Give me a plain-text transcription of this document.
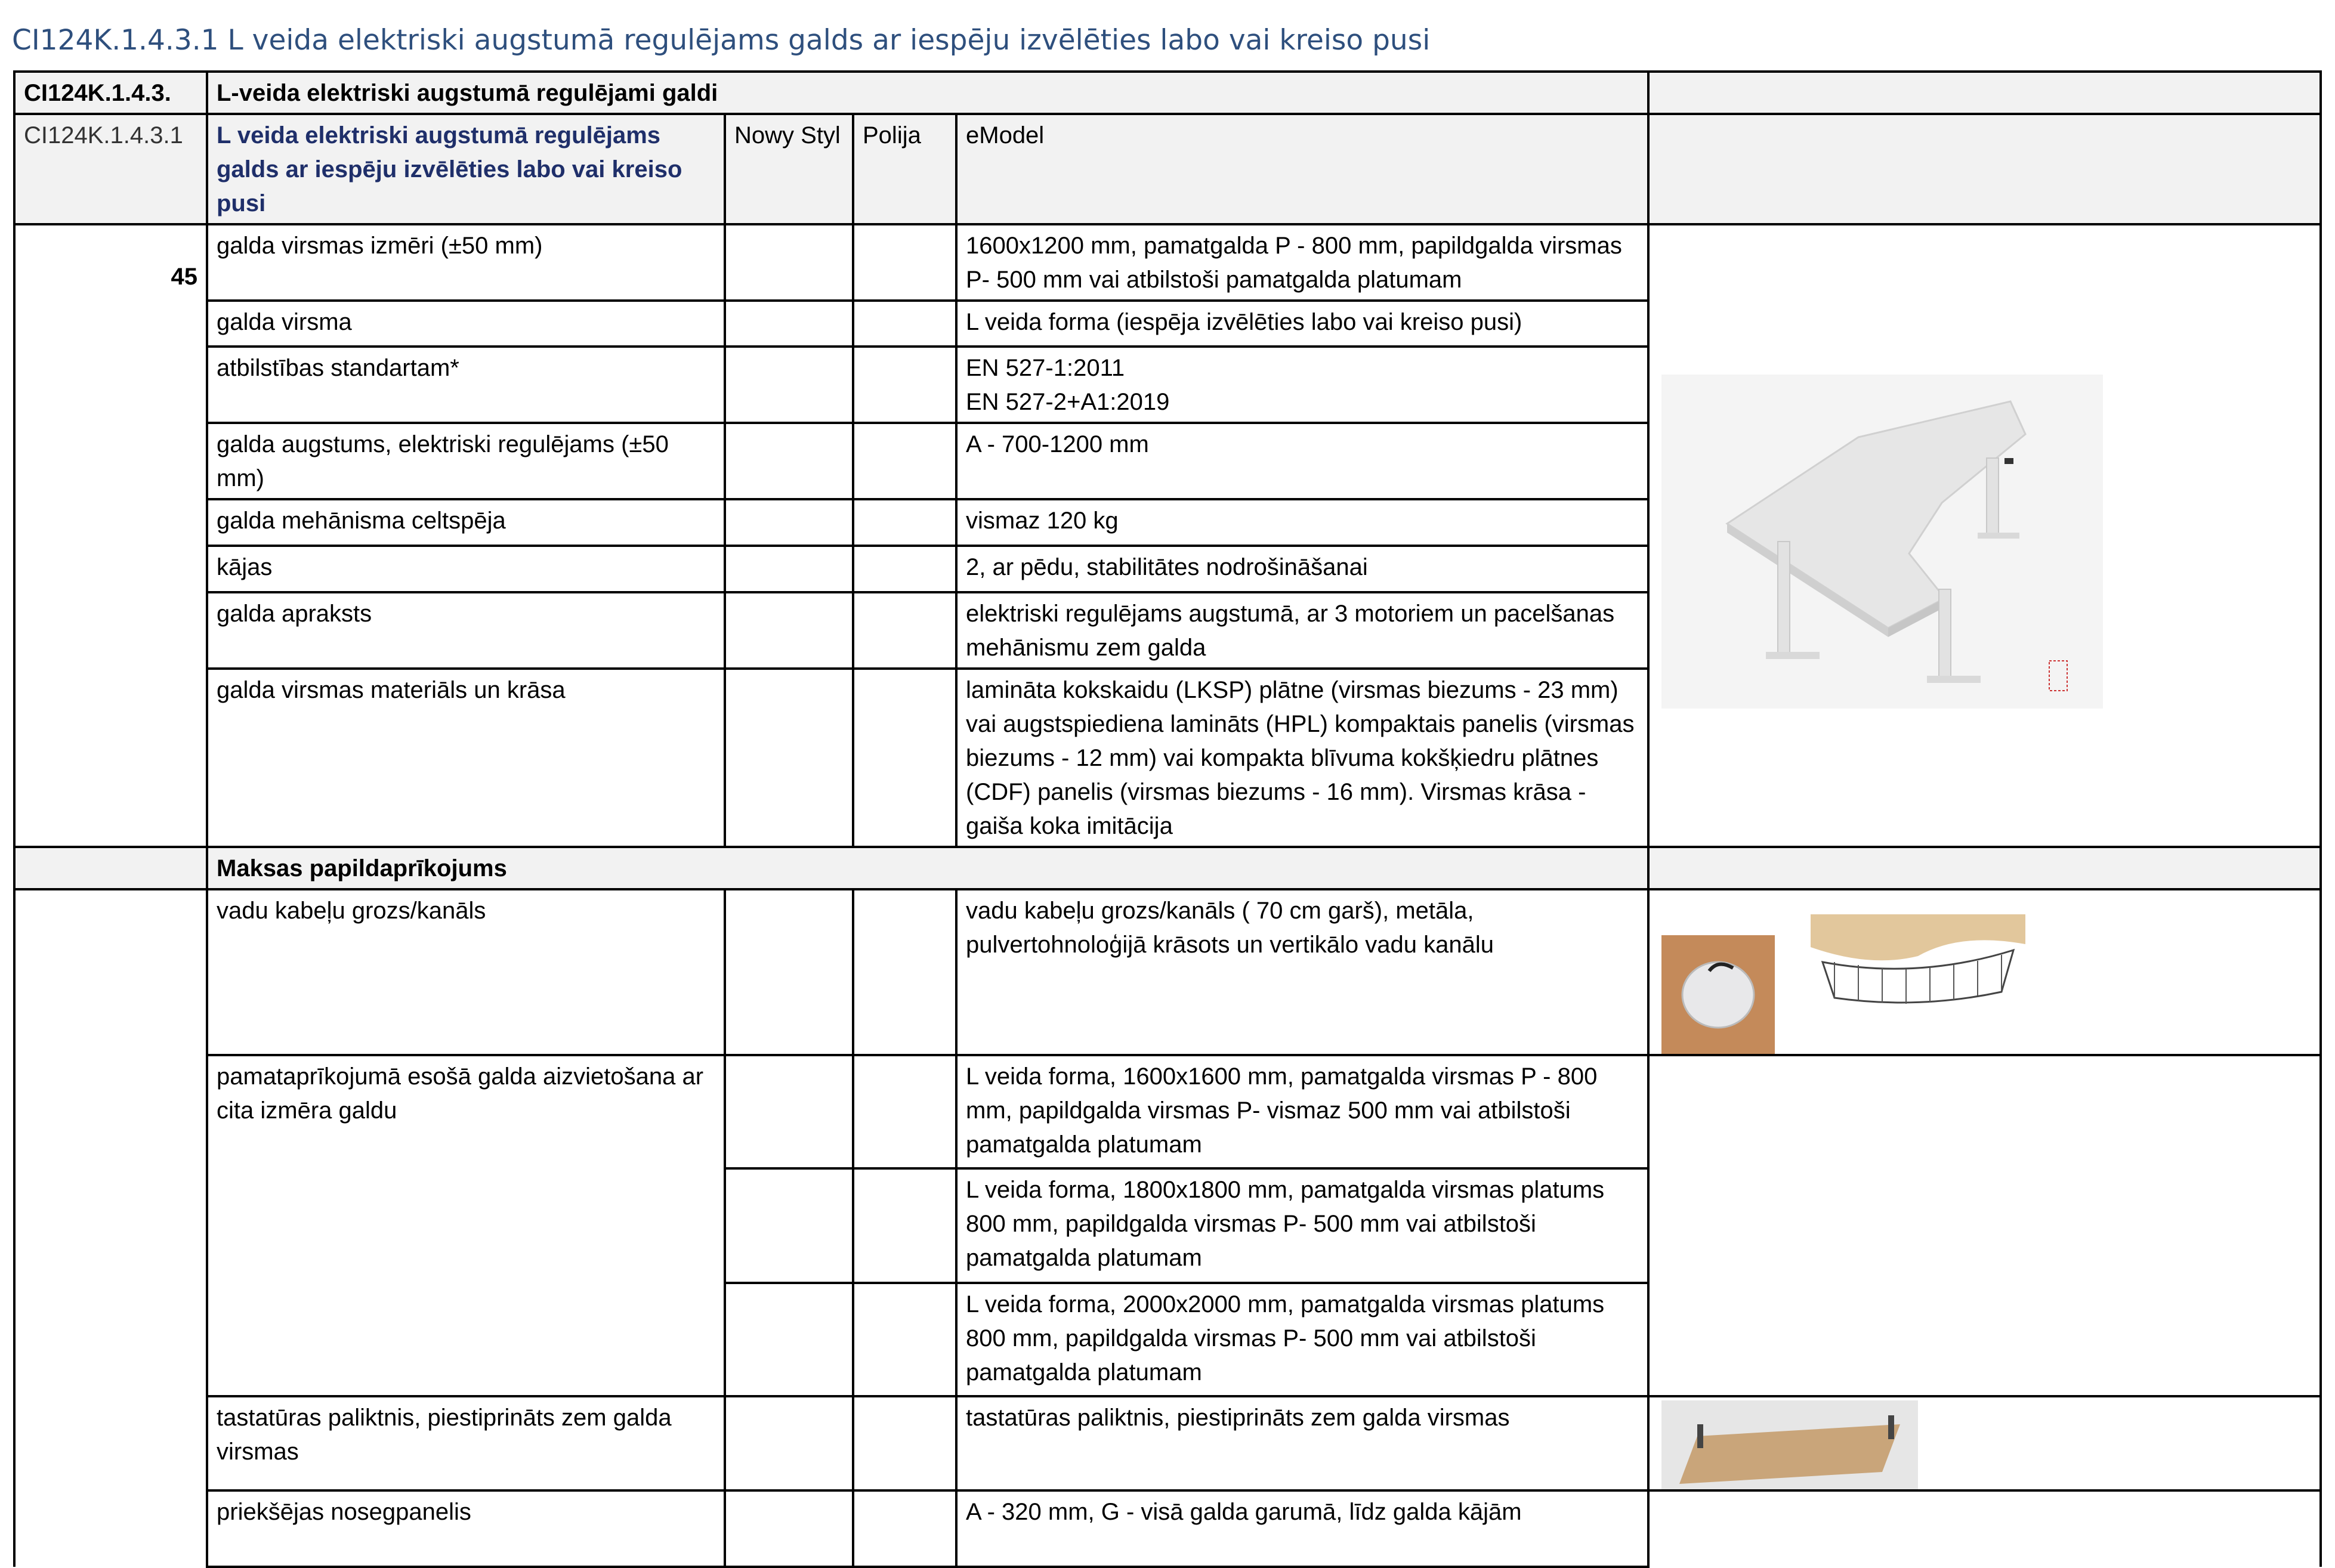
CI124K.1.4.3.1 L veida elektriski augstumā regulējams galds ar iespēju izvēlēties labo vai kreiso pusi
CI124K.1.4.3.	L-veida elektriski augstumā regulējami galdi				
CI124K.1.4.3.1	L veida elektriski augstumā regulējams galds ar iespēju izvēlēties labo vai kreiso pusi	Nowy Styl	Polija	eModel	
45	galda virsmas izmēri (±50 mm)			1600x1200 mm, pamatgalda P - 800 mm, papildgalda virsmas P- 500 mm vai atbilstoši pamatgalda platumam	

	galda virsma			L veida forma (iespēja izvēlēties labo vai kreiso pusi)	
	atbilstības standartam*			EN 527-1:2011
EN 527-2+A1:2019	
	galda augstums, elektriski regulējams (±50 mm)			A - 700-1200 mm	
	galda mehānisma celtspēja			vismaz 120 kg	
	kājas			2, ar pēdu, stabilitātes nodrošināšanai	
	galda apraksts			elektriski regulējams augstumā, ar 3 motoriem un pacelšanas mehānismu zem galda	
	galda virsmas materiāls un krāsa			lamināta kokskaidu (LKSP) plātne (virsmas biezums - 23 mm) vai augstspiediena lamināts (HPL) kompaktais panelis (virsmas biezums - 12 mm) vai kompakta blīvuma kokšķiedru plātnes (CDF) panelis (virsmas biezums - 16 mm). Virsmas krāsa - gaiša koka imitācija	
	Maksas papildaprīkojums				
	vadu kabeļu grozs/kanāls			vadu kabeļu grozs/kanāls ( 70 cm garš), metāla, pulvertohnoloģijā krāsots un vertikālo vadu kanālu	

	pamataprīkojumā esošā galda aizvietošana ar cita izmēra galdu			L veida forma, 1600x1600 mm, pamatgalda virsmas P - 800 mm, papildgalda virsmas P- vismaz 500 mm vai atbilstoši pamatgalda platumam	
				L veida forma, 1800x1800 mm, pamatgalda virsmas platums 800 mm, papildgalda virsmas P- 500 mm vai atbilstoši pamatgalda platumam	
				L veida forma, 2000x2000 mm, pamatgalda virsmas platums 800 mm, papildgalda virsmas P- 500 mm vai atbilstoši pamatgalda platumam	
	tastatūras paliktnis, piestiprināts zem galda virsmas			tastatūras paliktnis, piestiprināts zem galda virsmas	

	priekšējas nosegpanelis			A - 320 mm, G - visā galda garumā, līdz galda kājām	
